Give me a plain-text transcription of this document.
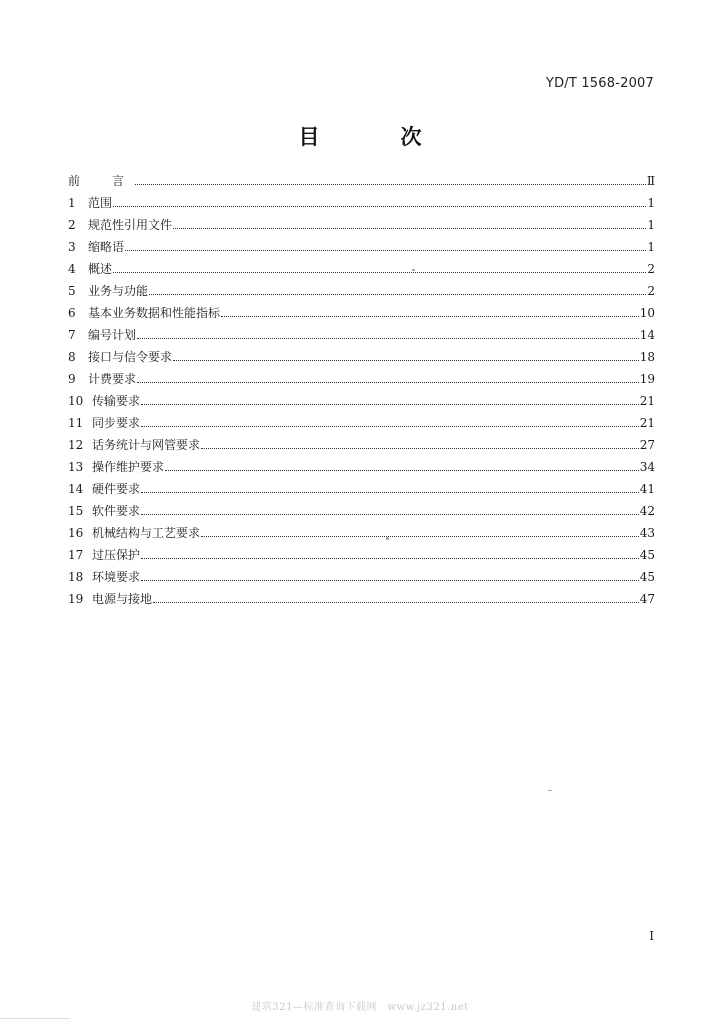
YD/T 1568-2007
目　次
前　言	Ⅱ
1	范围	1
2	规范性引用文件	1
3	缩略语	1
4	概述	2
5	业务与功能	2
6	基本业务数据和性能指标	10
7	编号计划	14
8	接口与信令要求	18
9	计费要求	19
10 传输要求	21
11 同步要求	21
12 话务统计与网管要求	27
13 操作维护要求	34
14 硬件要求	41
15 软件要求	42
16 机械结构与工艺要求	43
17 过压保护	45
18 环境要求	45
19 电源与接地	47
I
建筑321—标准查询下载网　www.jz321.net
